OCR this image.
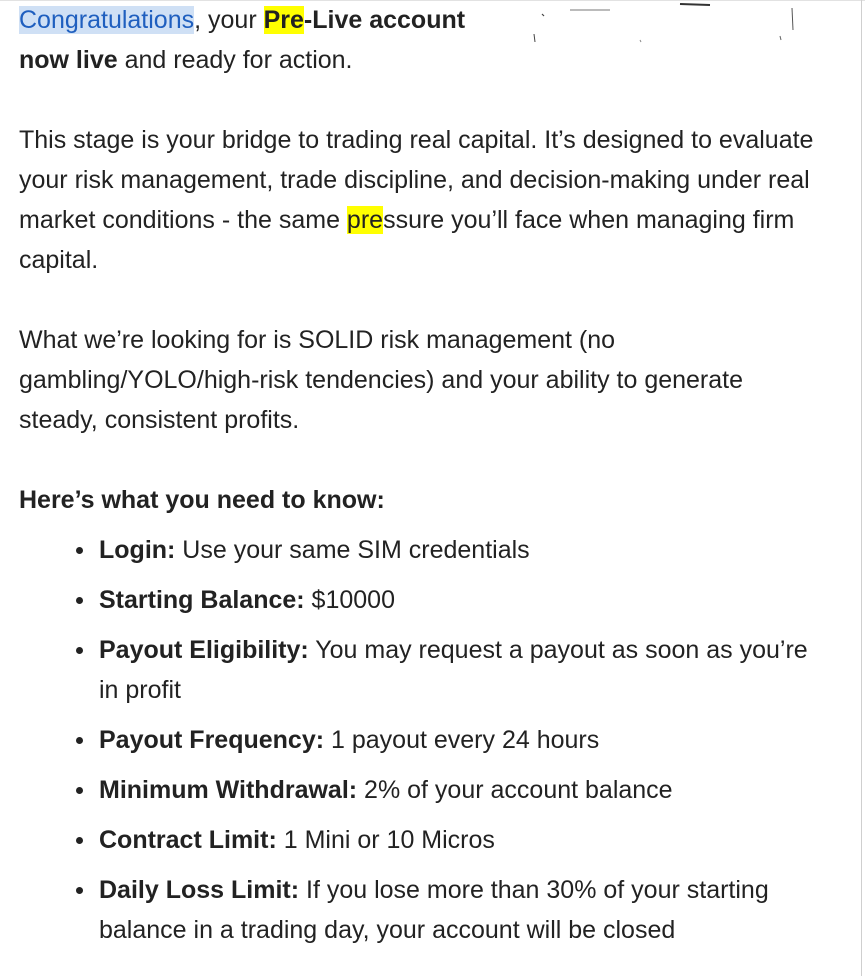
Congratulations, your Pre-Live account
now live and ready for action.

This stage is your bridge to trading real capital. It’s designed to evaluate your risk management, trade discipline, and decision-making under real market conditions - the same pressure you’ll face when managing firm capital.

What we’re looking for is SOLID risk management (no gambling/YOLO/high-risk tendencies) and your ability to generate steady, consistent profits.

Here’s what you need to know:

Login: Use your same SIM credentials
Starting Balance: $10000
Payout Eligibility: You may request a payout as soon as you’re in profit
Payout Frequency: 1 payout every 24 hours
Minimum Withdrawal: 2% of your account balance
Contract Limit: 1 Mini or 10 Micros
Daily Loss Limit: If you lose more than 30% of your starting balance in a trading day, your account will be closed
